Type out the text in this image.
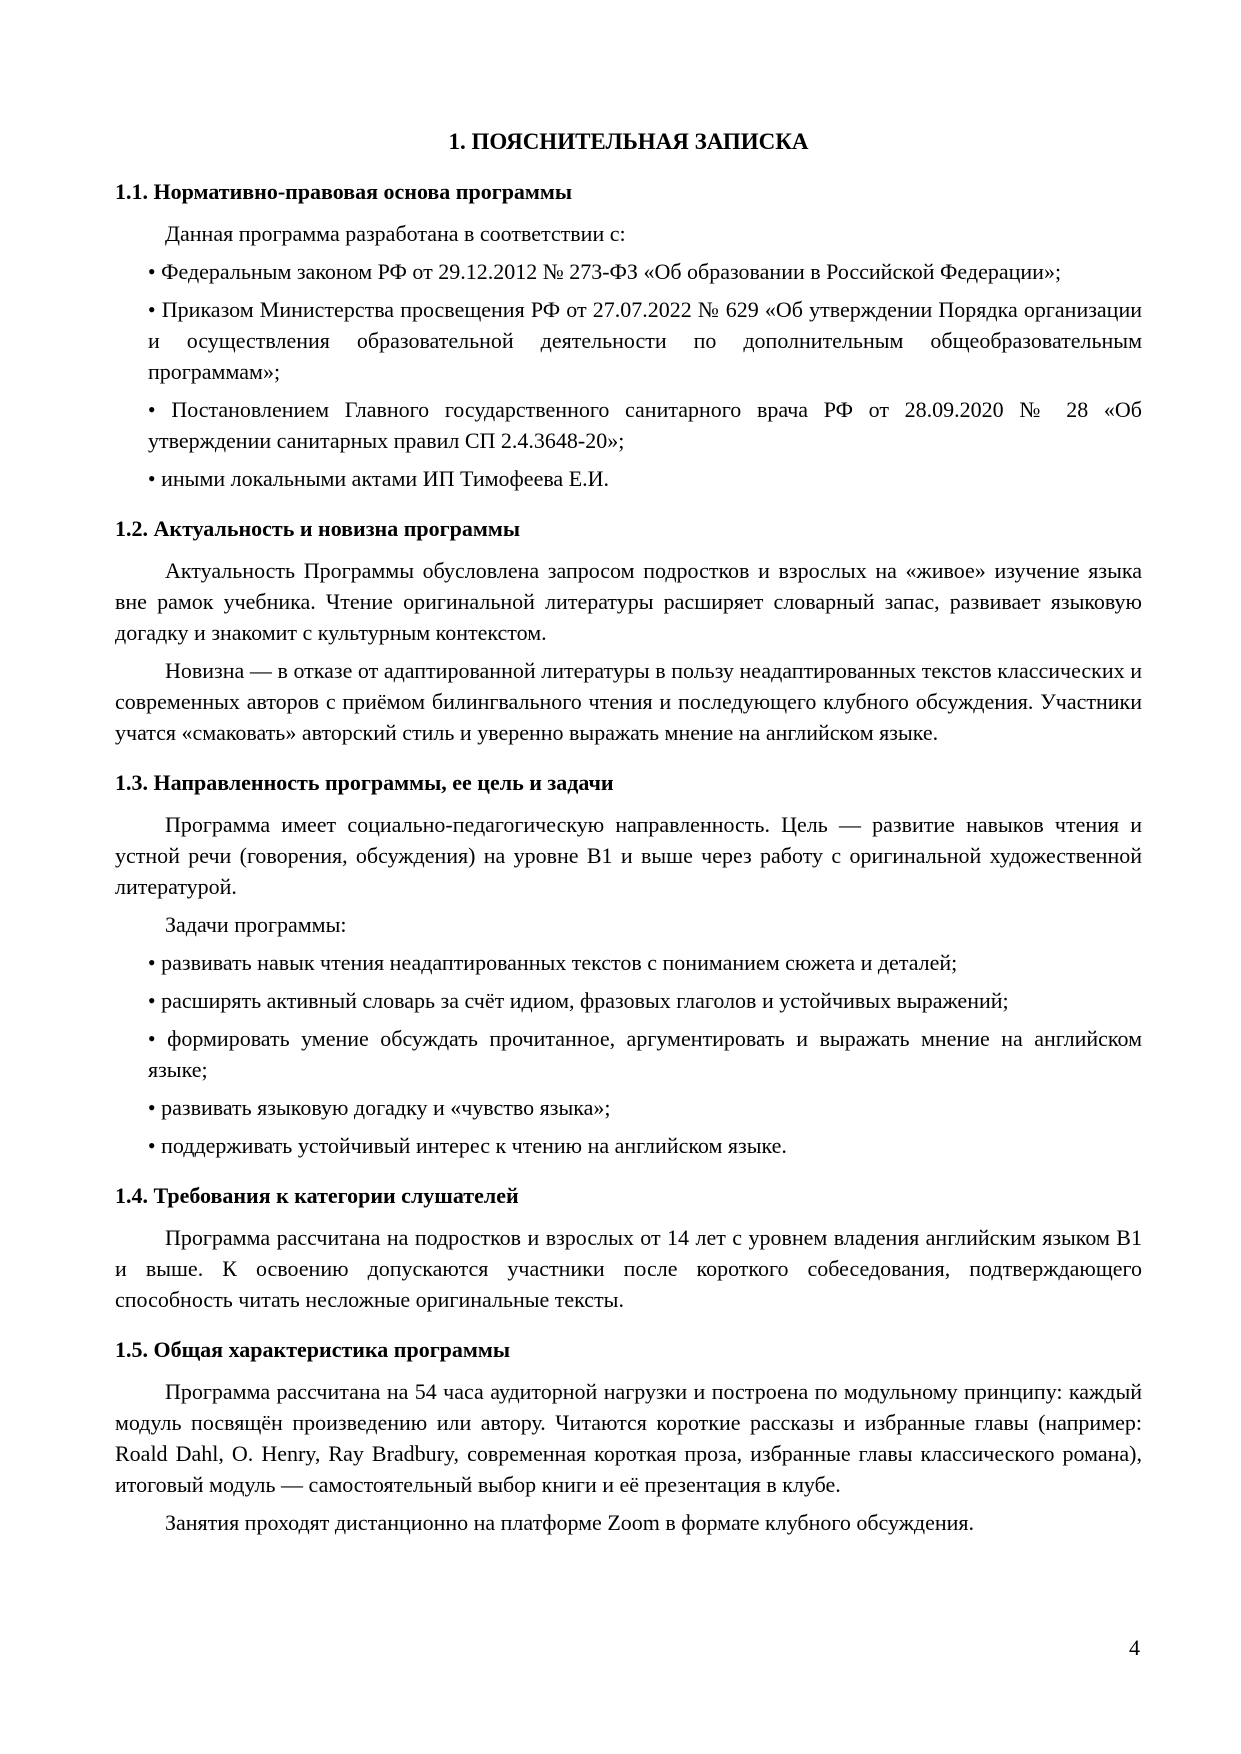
1. ПОЯСНИТЕЛЬНАЯ ЗАПИСКА
1.1. Нормативно-правовая основа программы

Данная программа разработана в соответствии с:

• Федеральным законом РФ от 29.12.2012 № 273-ФЗ «Об образовании в Российской Федерации»;
• Приказом Министерства просвещения РФ от 27.07.2022 № 629 «Об утверждении Порядка организации и осуществления образовательной деятельности по дополнительным общеобразовательным программам»;
• Постановлением Главного государственного санитарного врача РФ от 28.09.2020 № 28 «Об утверждении санитарных правил СП 2.4.3648-20»;
• иными локальными актами ИП Тимофеева Е.И.
1.2. Актуальность и новизна программы

Актуальность Программы обусловлена запросом подростков и взрослых на «живое» изучение языка вне рамок учебника. Чтение оригинальной литературы расширяет словарный запас, развивает языковую догадку и знакомит с культурным контекстом.

Новизна — в отказе от адаптированной литературы в пользу неадаптированных текстов классических и современных авторов с приёмом билингвального чтения и последующего клубного обсуждения. Участники учатся «смаковать» авторский стиль и уверенно выражать мнение на английском языке.

1.3. Направленность программы, ее цель и задачи

Программа имеет социально-педагогическую направленность. Цель — развитие навыков чтения и устной речи (говорения, обсуждения) на уровне B1 и выше через работу с оригинальной художественной литературой.

Задачи программы:

• развивать навык чтения неадаптированных текстов с пониманием сюжета и деталей;
• расширять активный словарь за счёт идиом, фразовых глаголов и устойчивых выражений;
• формировать умение обсуждать прочитанное, аргументировать и выражать мнение на английском языке;
• развивать языковую догадку и «чувство языка»;
• поддерживать устойчивый интерес к чтению на английском языке.
1.4. Требования к категории слушателей

Программа рассчитана на подростков и взрослых от 14 лет с уровнем владения английским языком B1 и выше. К освоению допускаются участники после короткого собеседования, подтверждающего способность читать несложные оригинальные тексты.

1.5. Общая характеристика программы

Программа рассчитана на 54 часа аудиторной нагрузки и построена по модульному принципу: каждый модуль посвящён произведению или автору. Читаются короткие рассказы и избранные главы (например: Roald Dahl, O. Henry, Ray Bradbury, современная короткая проза, избранные главы классического романа), итоговый модуль — самостоятельный выбор книги и её презентация в клубе.

Занятия проходят дистанционно на платформе Zoom в формате клубного обсуждения.

4
